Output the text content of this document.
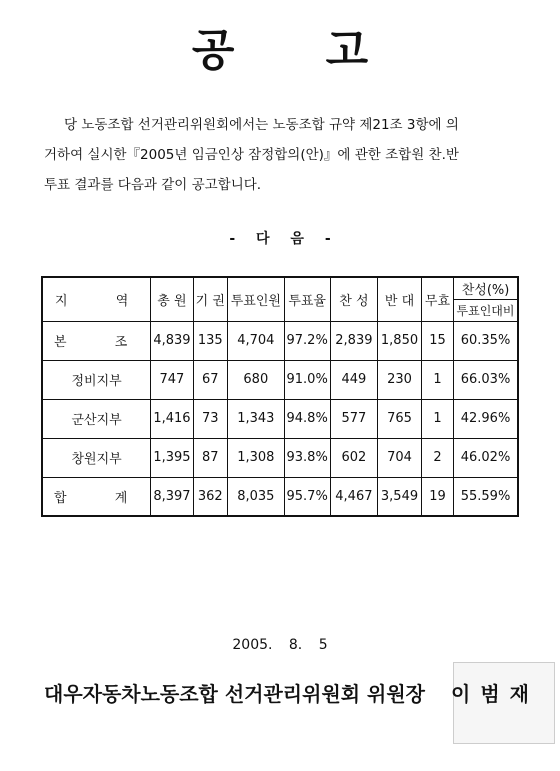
공 고
당 노동조합 선거관리위원회에서는 노동조합 규약 제21조 3항에 의
거하여 실시한『2005년 임금인상 잠정합의(안)』에 관한 조합원 찬.반
투표 결과를 다음과 같이 공고합니다.
- 다 음 -
지 역	총 원	기 권	투표인원	투표율	찬 성	반 대	무효	찬성(%)
								투표인대비
본 조	4,839	135	4,704	97.2%	2,839	1,850	15	60.35%
정비지부	747	67	680	91.0%	449	230	1	66.03%
군산지부	1,416	73	1,343	94.8%	577	765	1	42.96%
창원지부	1,395	87	1,308	93.8%	602	704	2	46.02%
합 계	8,397	362	8,035	95.7%	4,467	3,549	19	55.59%
2005. 8. 5
대우자동차노동조합 선거관리위원회 위원장 이범재
